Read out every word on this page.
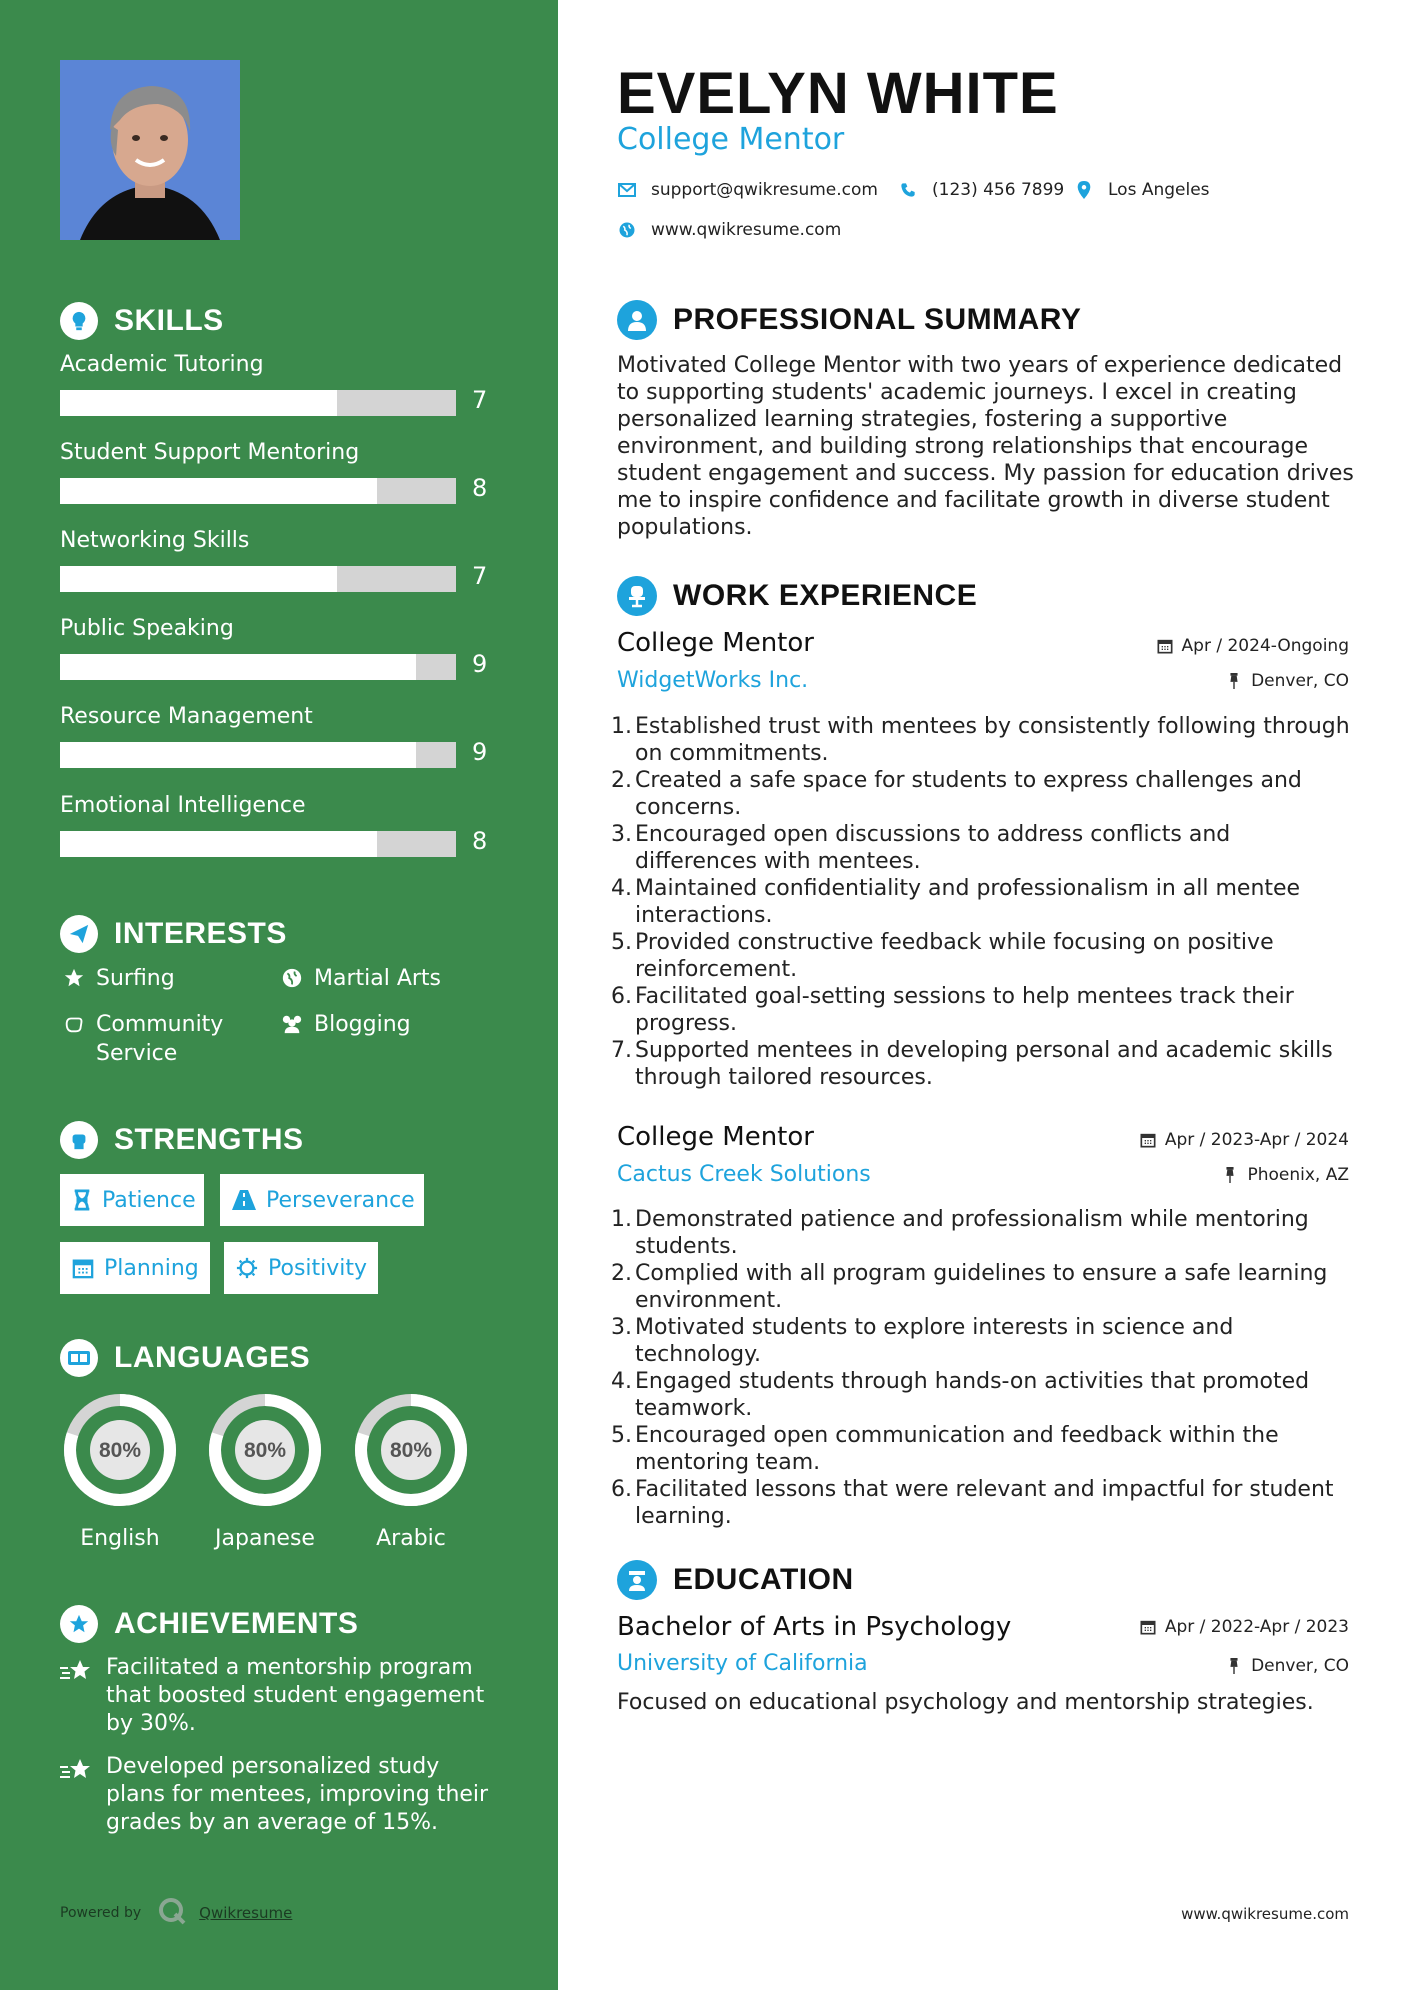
SKILLS
Academic Tutoring
7
Student Support Mentoring
8
Networking Skills
7
Public Speaking
9
Resource Management
9
Emotional Intelligence
8
INTERESTS
Surfing	Martial Arts
Community Service
Blogging
STRENGTHS
Patience	Perseverance
Planning	Positivity
LANGUAGES
80%
English
80%
Japanese
80%
Arabic
ACHIEVEMENTS
Facilitated a mentorship program that boosted student engagement by 30%.
Developed personalized study plans for mentees, improving their grades by an average of 15%.
Powered by	Qwikresume
EVELYN WHITE
College Mentor
support@qwikresume.com	(123) 456 7899	Los Angeles
www.qwikresume.com
PROFESSIONAL SUMMARY
Motivated College Mentor with two years of experience dedicated to supporting students' academic journeys. I excel in creating personalized learning strategies, fostering a supportive environment, and building strong relationships that encourage student engagement and success. My passion for education drives me to inspire confidence and facilitate growth in diverse student populations.
WORK EXPERIENCE
College Mentor
WidgetWorks Inc.
Apr / 2024-Ongoing
Denver, CO
1. Established trust with mentees by consistently following through on commitments.
2. Created a safe space for students to express challenges and concerns.
3. Encouraged open discussions to address conflicts and differences with mentees.
4. Maintained confidentiality and professionalism in all mentee interactions.
5. Provided constructive feedback while focusing on positive reinforcement.
6. Facilitated goal-setting sessions to help mentees track their progress.
7. Supported mentees in developing personal and academic skills through tailored resources.
College Mentor
Cactus Creek Solutions
Apr / 2023-Apr / 2024
Phoenix, AZ
1. Demonstrated patience and professionalism while mentoring students.
2. Complied with all program guidelines to ensure a safe learning environment.
3. Motivated students to explore interests in science and technology.
4. Engaged students through hands-on activities that promoted teamwork.
5. Encouraged open communication and feedback within the mentoring team.
6. Facilitated lessons that were relevant and impactful for student learning.
EDUCATION
Bachelor of Arts in Psychology
University of California
Apr / 2022-Apr / 2023
Denver, CO
Focused on educational psychology and mentorship strategies.
www.qwikresume.com
